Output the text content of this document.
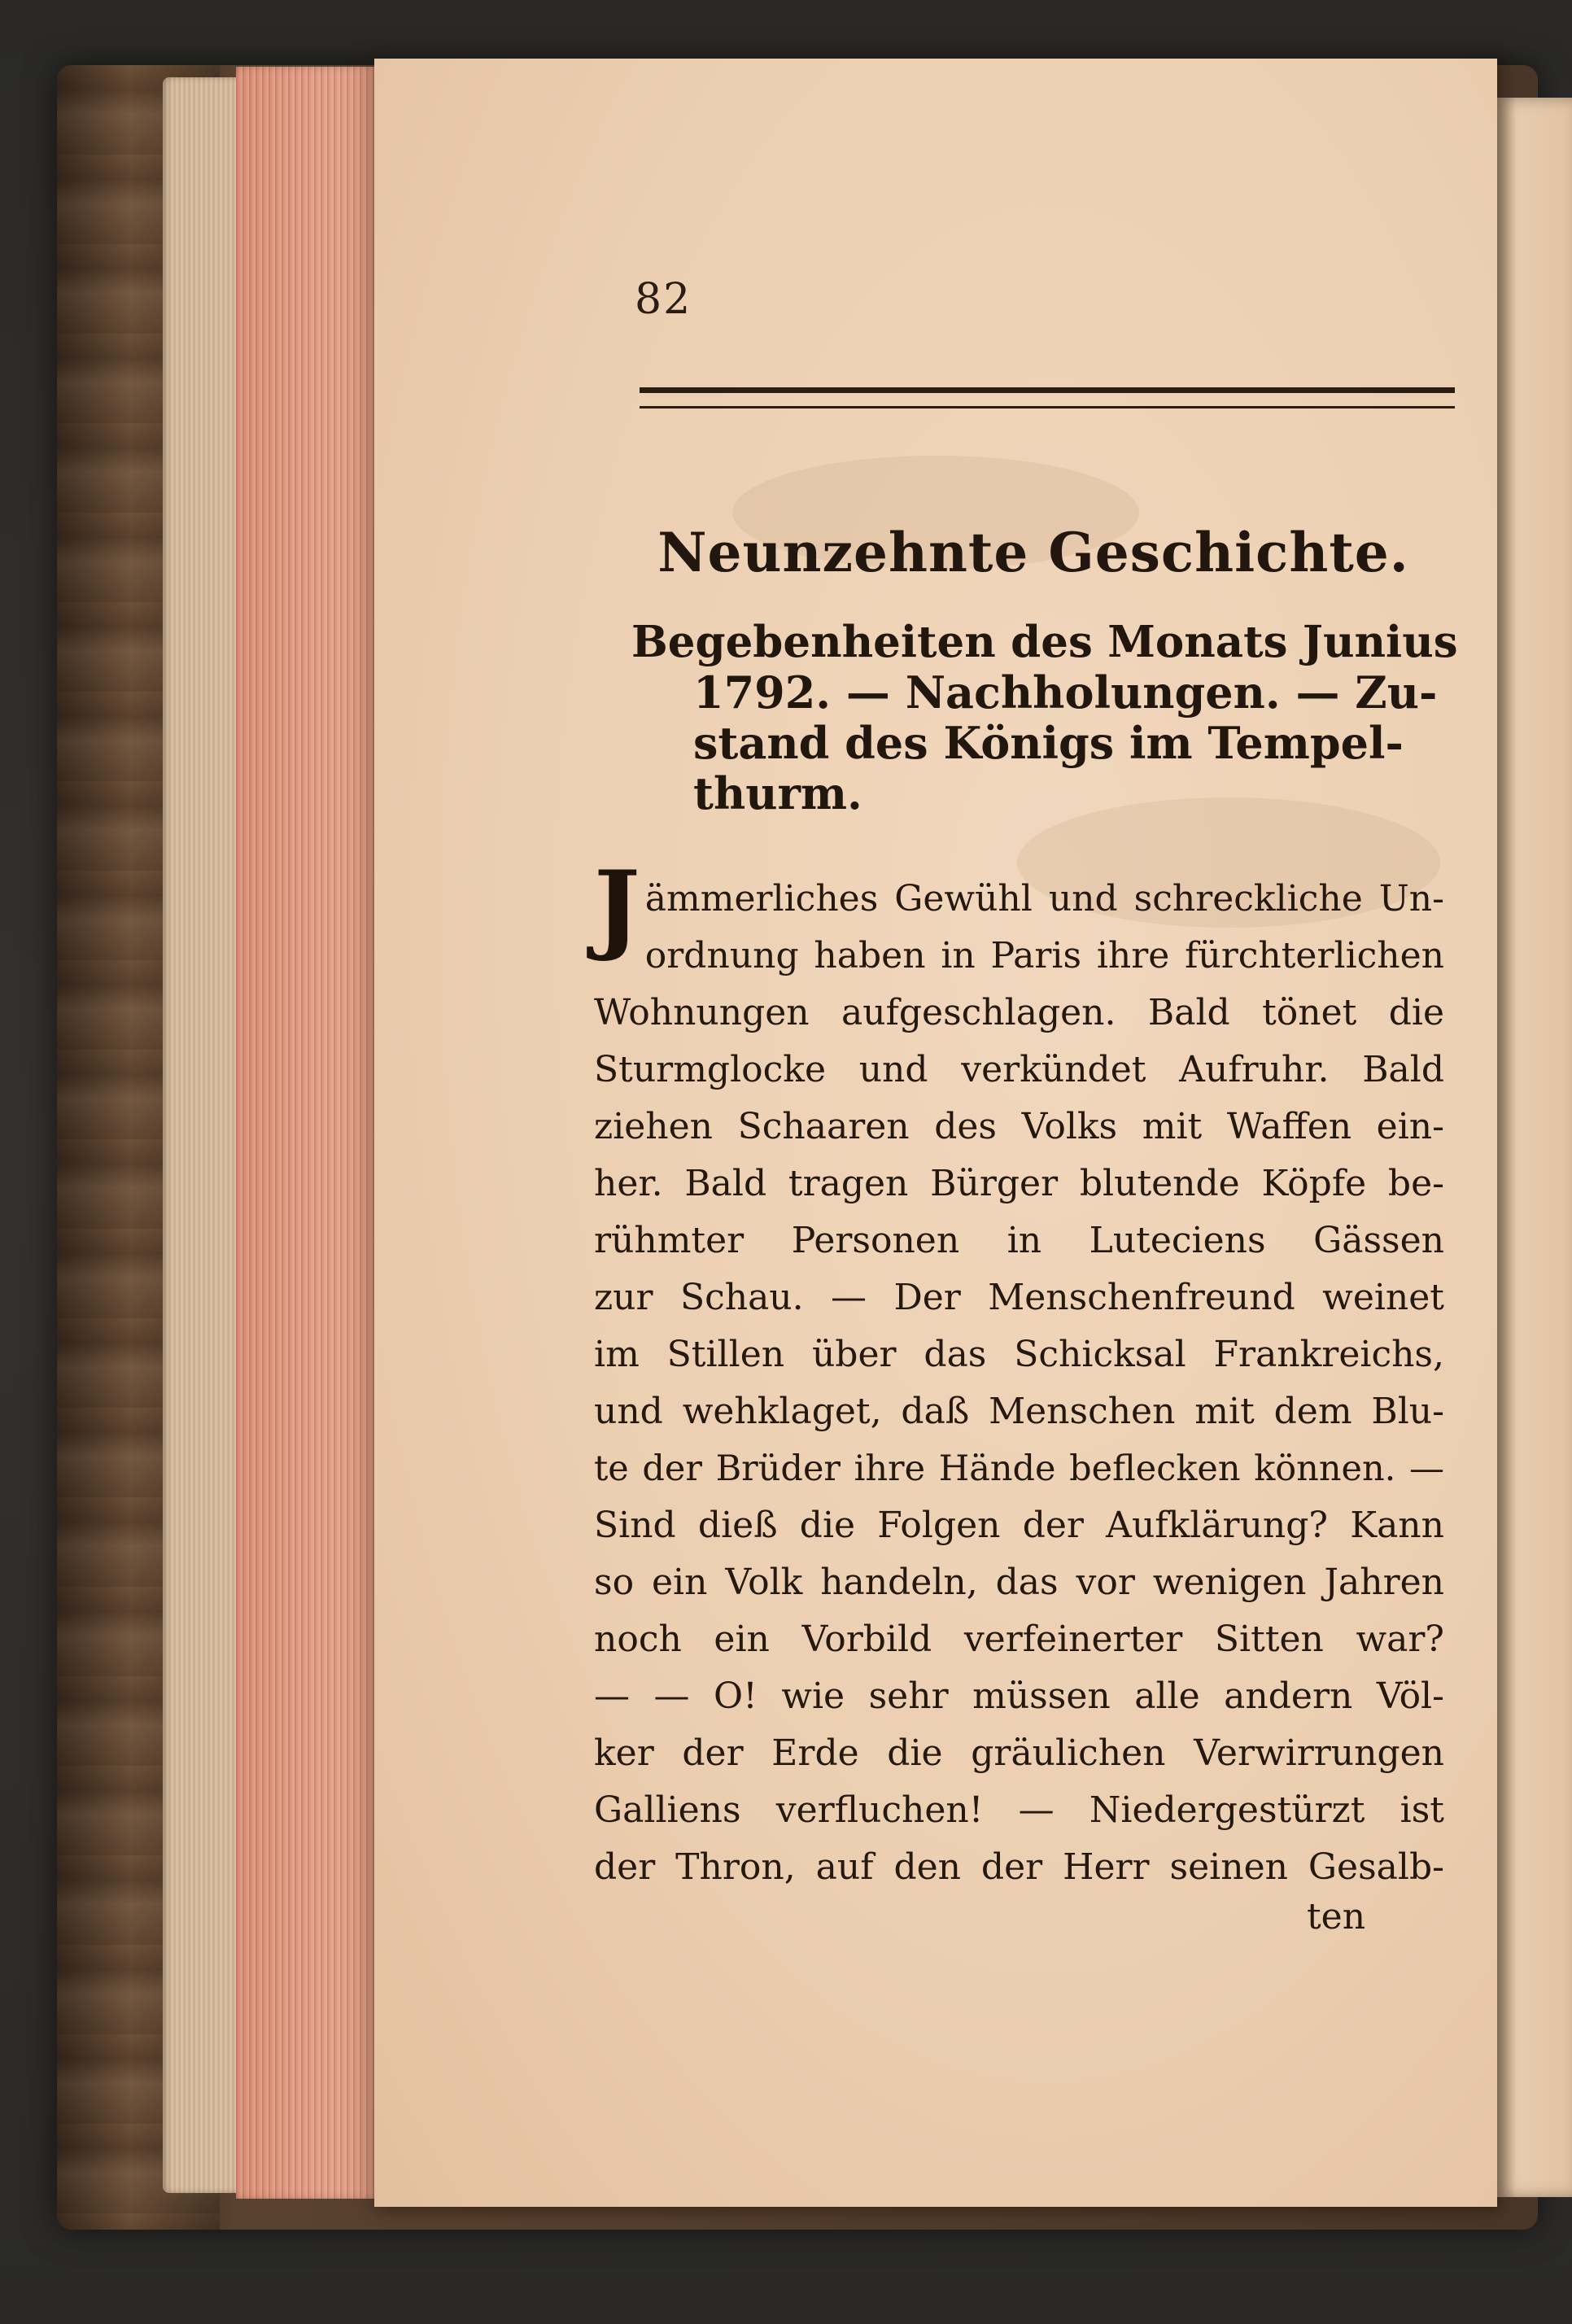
82
Neunzehnte Geschichte.

Begebenheiten des Monats Junius

1792. — Nachholungen. — Zu-

stand des Königs im Tempel-

thurm.

J ämmerliches Gewühl und schreckliche Un-
ordnung haben in Paris ihre fürchterlichen
Wohnungen aufgeschlagen. Bald tönet die
Sturmglocke und verkündet Aufruhr. Bald
ziehen Schaaren des Volks mit Waffen ein-
her. Bald tragen Bürger blutende Köpfe be-
rühmter Personen in Luteciens Gässen
zur Schau. — Der Menschenfreund weinet
im Stillen über das Schicksal Frankreichs,
und wehklaget, daß Menschen mit dem Blu-
te der Brüder ihre Hände beflecken können. —
Sind dieß die Folgen der Aufklärung? Kann
so ein Volk handeln, das vor wenigen Jahren
noch ein Vorbild verfeinerter Sitten war?
— — O! wie sehr müssen alle andern Völ-
ker der Erde die gräulichen Verwirrungen
Galliens verfluchen! — Niedergestürzt ist
der Thron, auf den der Herr seinen Gesalb-
ten
